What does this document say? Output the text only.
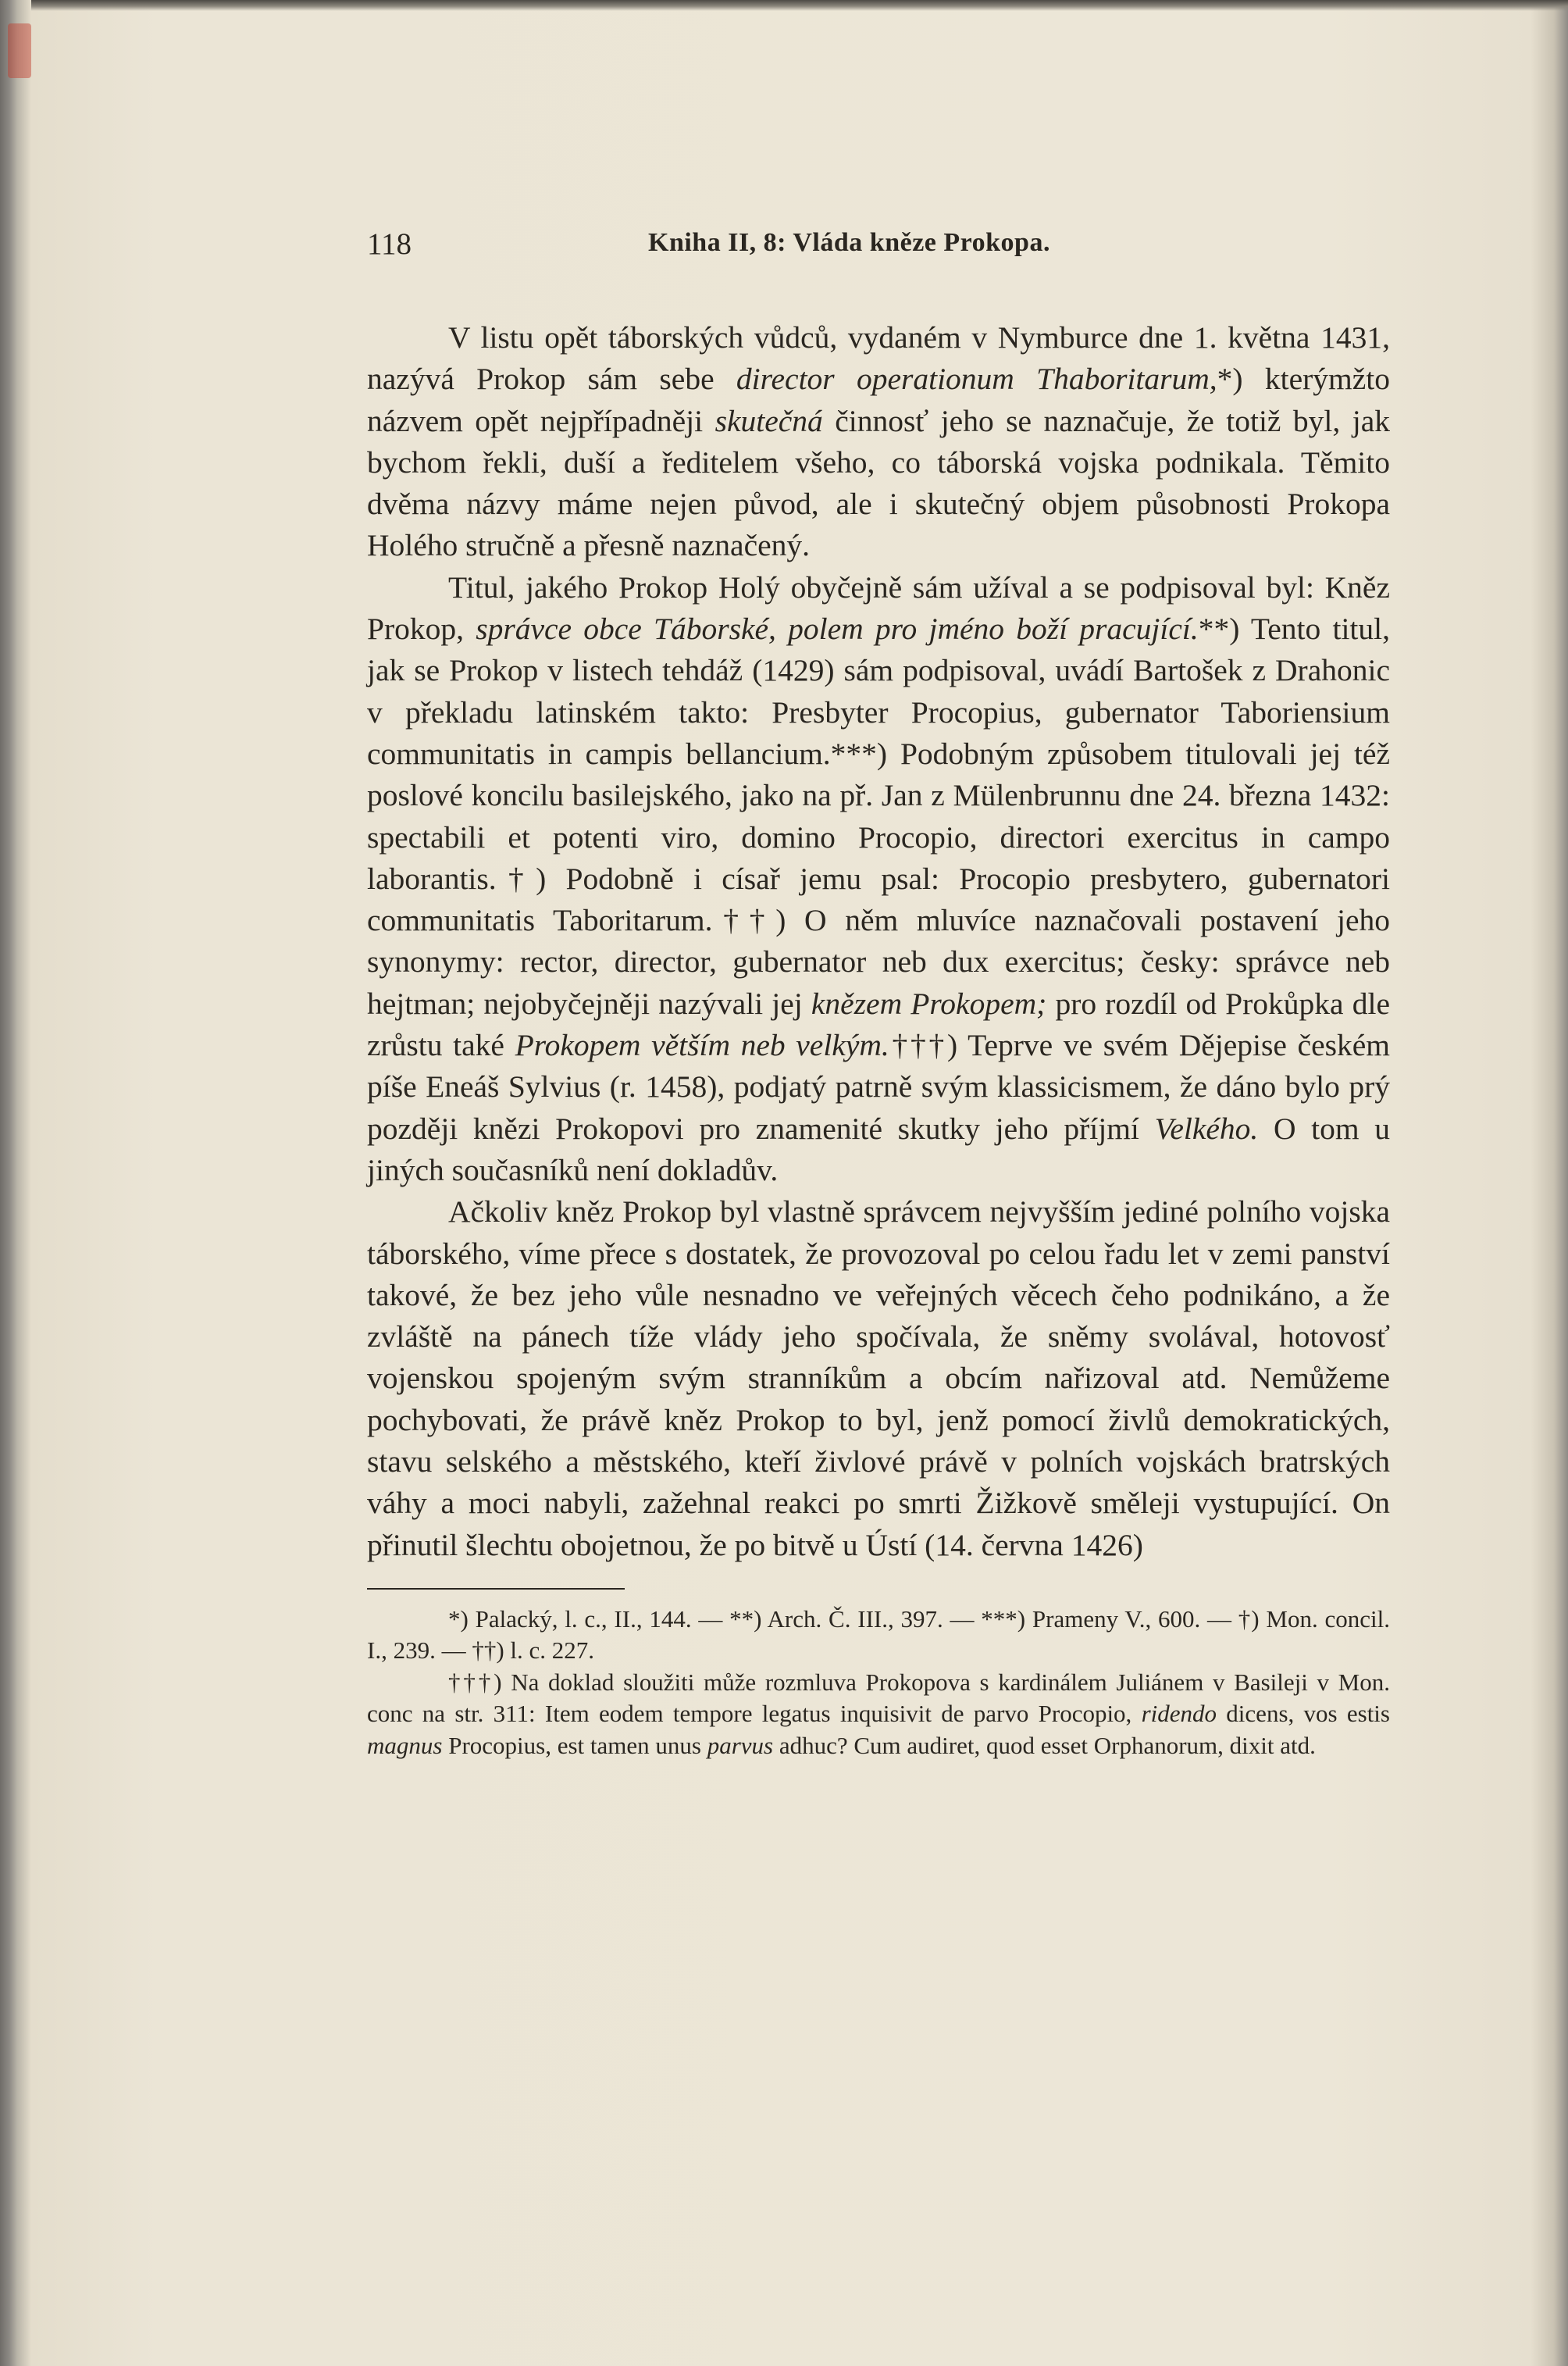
118	Kniha II, 8: Vláda kněze Prokopa.

V listu opět táborských vůdců, vydaném v Nymburce dne 1. května 1431, nazývá Prokop sám sebe director operationum Thaboritarum,*) kterýmžto názvem opět nejpřípadněji skutečná činnosť jeho se naznačuje, že totiž byl, jak bychom řekli, duší a ředitelem všeho, co táborská vojska podnikala. Těmito dvěma názvy máme nejen původ, ale i skutečný objem působnosti Prokopa Holého stručně a přesně naznačený.

Titul, jakého Prokop Holý obyčejně sám užíval a se podpisoval byl: Kněz Prokop, správce obce Táborské, polem pro jméno boží pracující.**) Tento titul, jak se Prokop v listech tehdáž (1429) sám podpisoval, uvádí Bartošek z Drahonic v překladu latinském takto: Presbyter Procopius, gubernator Taboriensium communitatis in campis bellancium.***) Podobným způsobem titulovali jej též poslové koncilu basilejského, jako na př. Jan z Mülenbrunnu dne 24. března 1432: spectabili et potenti viro, domino Procopio, directori exercitus in campo laborantis.†) Podobně i císař jemu psal: Procopio presbytero, gubernatori communitatis Taboritarum.††) O něm mluvíce naznačovali postavení jeho synonymy: rector, director, gubernator neb dux exercitus; česky: správce neb hejtman; nejobyčejněji nazývali jej knězem Prokopem; pro rozdíl od Prokůpka dle zrůstu také Prokopem větším neb velkým.†††) Teprve ve svém Dějepise českém píše Eneáš Sylvius (r. 1458), podjatý patrně svým klassicismem, že dáno bylo prý později knězi Prokopovi pro znamenité skutky jeho příjmí Velkého. O tom u jiných současníků není dokladův.

Ačkoliv kněz Prokop byl vlastně správcem nejvyšším jediné polního vojska táborského, víme přece s dostatek, že provozoval po celou řadu let v zemi panství takové, že bez jeho vůle nesnadno ve veřejných věcech čeho podnikáno, a že zvláště na pánech tíže vlády jeho spočívala, že sněmy svolával, hotovosť vojenskou spojeným svým stranníkům a obcím nařizoval atd. Nemůžeme pochybovati, že právě kněz Prokop to byl, jenž pomocí živlů demokratických, stavu selského a městského, kteří živlové právě v polních vojskách bratrských váhy a moci nabyli, zažehnal reakci po smrti Žižkově směleji vystupující. On přinutil šlechtu obojetnou, že po bitvě u Ústí (14. června 1426)

*) Palacký, l. c., II., 144. — **) Arch. Č. III., 397. — ***) Prameny V., 600. — †) Mon. concil. I., 239. — ††) l. c. 227.

†††) Na doklad sloužiti může rozmluva Prokopova s kardinálem Juliánem v Basileji v Mon. conc na str. 311: Item eodem tempore legatus inquisivit de parvo Procopio, ridendo dicens, vos estis magnus Procopius, est tamen unus parvus adhuc? Cum audiret, quod esset Orphanorum, dixit atd.
